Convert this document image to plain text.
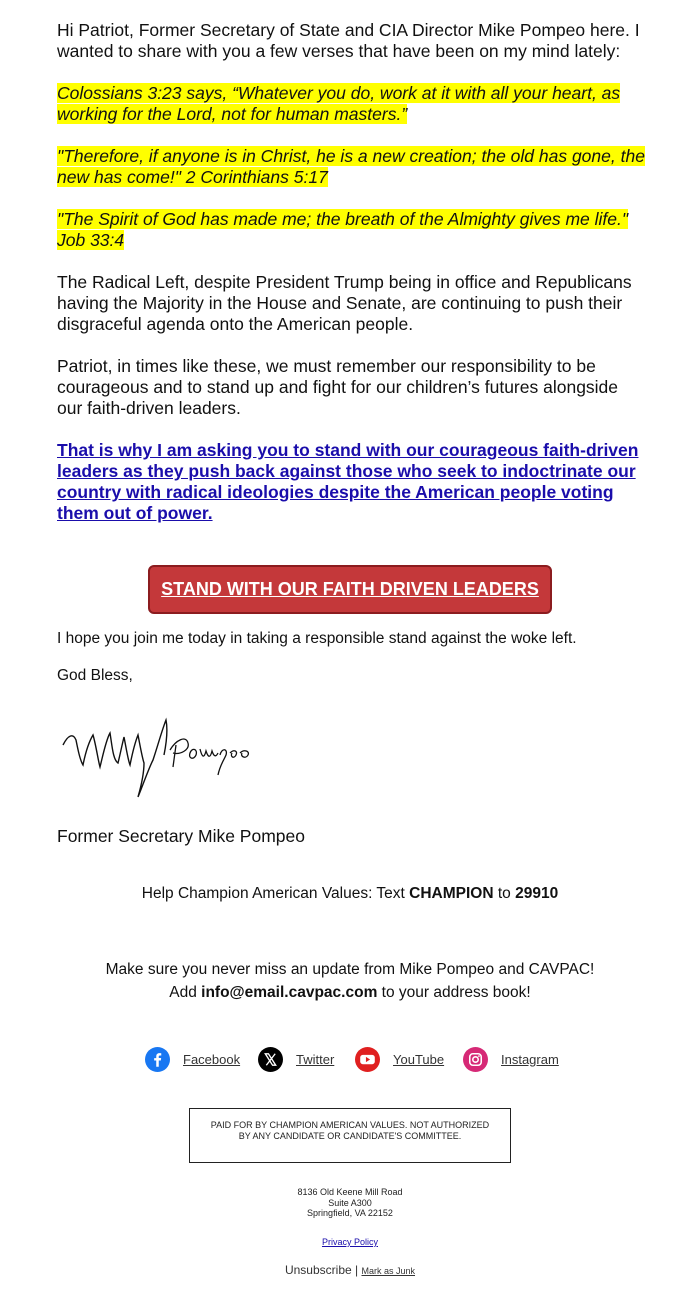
Hi Patriot, Former Secretary of State and CIA Director Mike Pompeo here. I wanted to share with you a few verses that have been on my mind lately:

Colossians 3:23 says, “Whatever you do, work at it with all your heart, as working for the Lord, not for human masters.”

"Therefore, if anyone is in Christ, he is a new creation; the old has gone, the new has come!" 2 Corinthians 5:17

"The Spirit of God has made me; the breath of the Almighty gives me life." Job 33:4

The Radical Left, despite President Trump being in office and Republicans having the Majority in the House and Senate, are continuing to push their disgraceful agenda onto the American people.

Patriot, in times like these, we must remember our responsibility to be courageous and to stand up and fight for our children’s futures alongside our faith-driven leaders.

That is why I am asking you to stand with our courageous faith-driven leaders as they push back against those who seek to indoctrinate our country with radical ideologies despite the American people voting them out of power.

STAND WITH OUR FAITH DRIVEN LEADERS

I hope you join me today in taking a responsible stand against the woke left.

God Bless,

Former Secretary Mike Pompeo

Help Champion American Values: Text CHAMPION to 29910
Make sure you never miss an update from Mike Pompeo and CAVPAC!
Add info@email.cavpac.com to your address book!
Facebook	Twitter	YouTube	Instagram
PAID FOR BY CHAMPION AMERICAN VALUES. NOT AUTHORIZED BY ANY CANDIDATE OR CANDIDATE'S COMMITTEE.
8136 Old Keene Mill Road
Suite A300
Springfield, VA 22152
Privacy Policy
Unsubscribe | Mark as Junk
